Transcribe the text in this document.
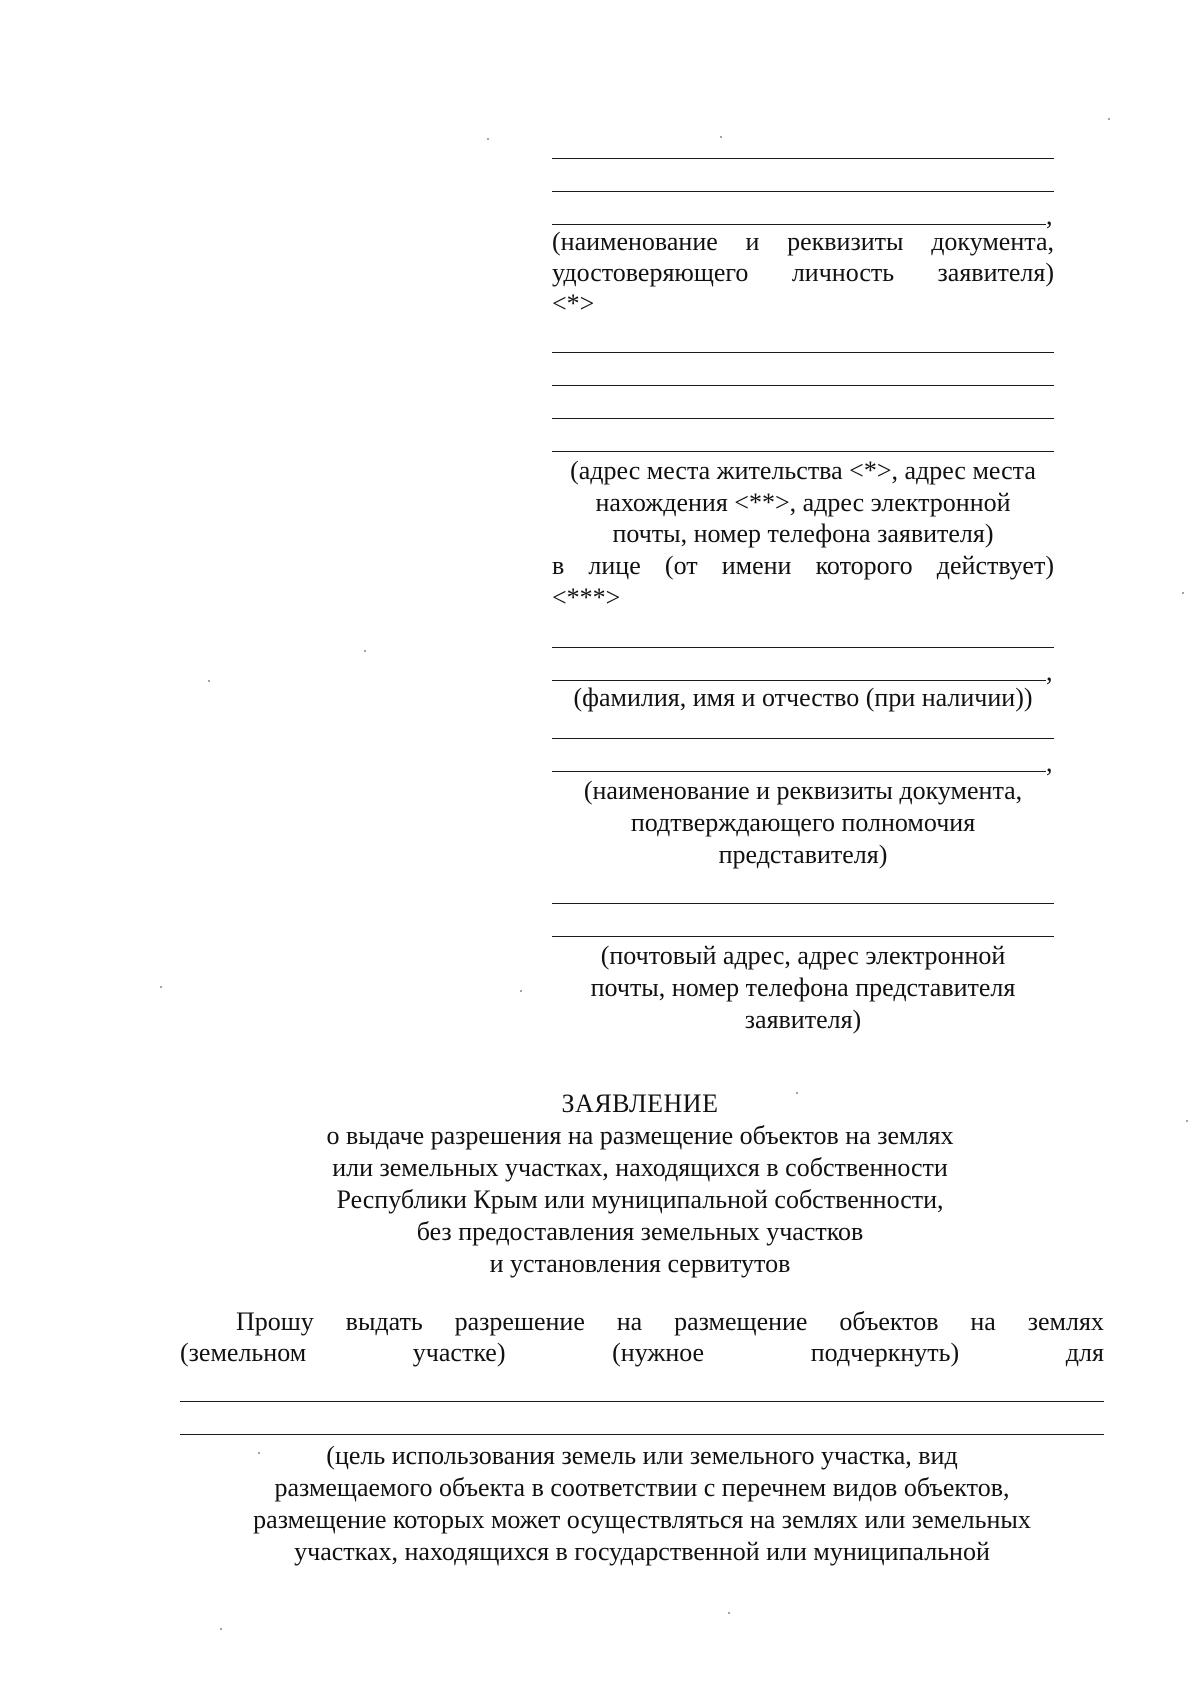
,
(наименование и реквизиты документа,
удостоверяющего личность заявителя)
<*>
(адрес места жительства <*>, адрес места
нахождения <**>, адрес электронной
почты, номер телефона заявителя)
в лице (от имени которого действует)
<***>
,
(фамилия, имя и отчество (при наличии))
,
(наименование и реквизиты документа,
подтверждающего полномочия
представителя)
(почтовый адрес, адрес электронной
почты, номер телефона представителя
заявителя)
ЗАЯВЛЕНИЕ
о выдаче разрешения на размещение объектов на землях
или земельных участках, находящихся в собственности
Республики Крым или муниципальной собственности,
без предоставления земельных участков
и установления сервитутов
Прошу выдать разрешение на размещение объектов на землях
(земельном	участке)	(нужное	подчеркнуть)	для
(цель использования земель или земельного участка, вид
размещаемого объекта в соответствии с перечнем видов объектов,
размещение которых может осуществляться на землях или земельных
участках, находящихся в государственной или муниципальной
